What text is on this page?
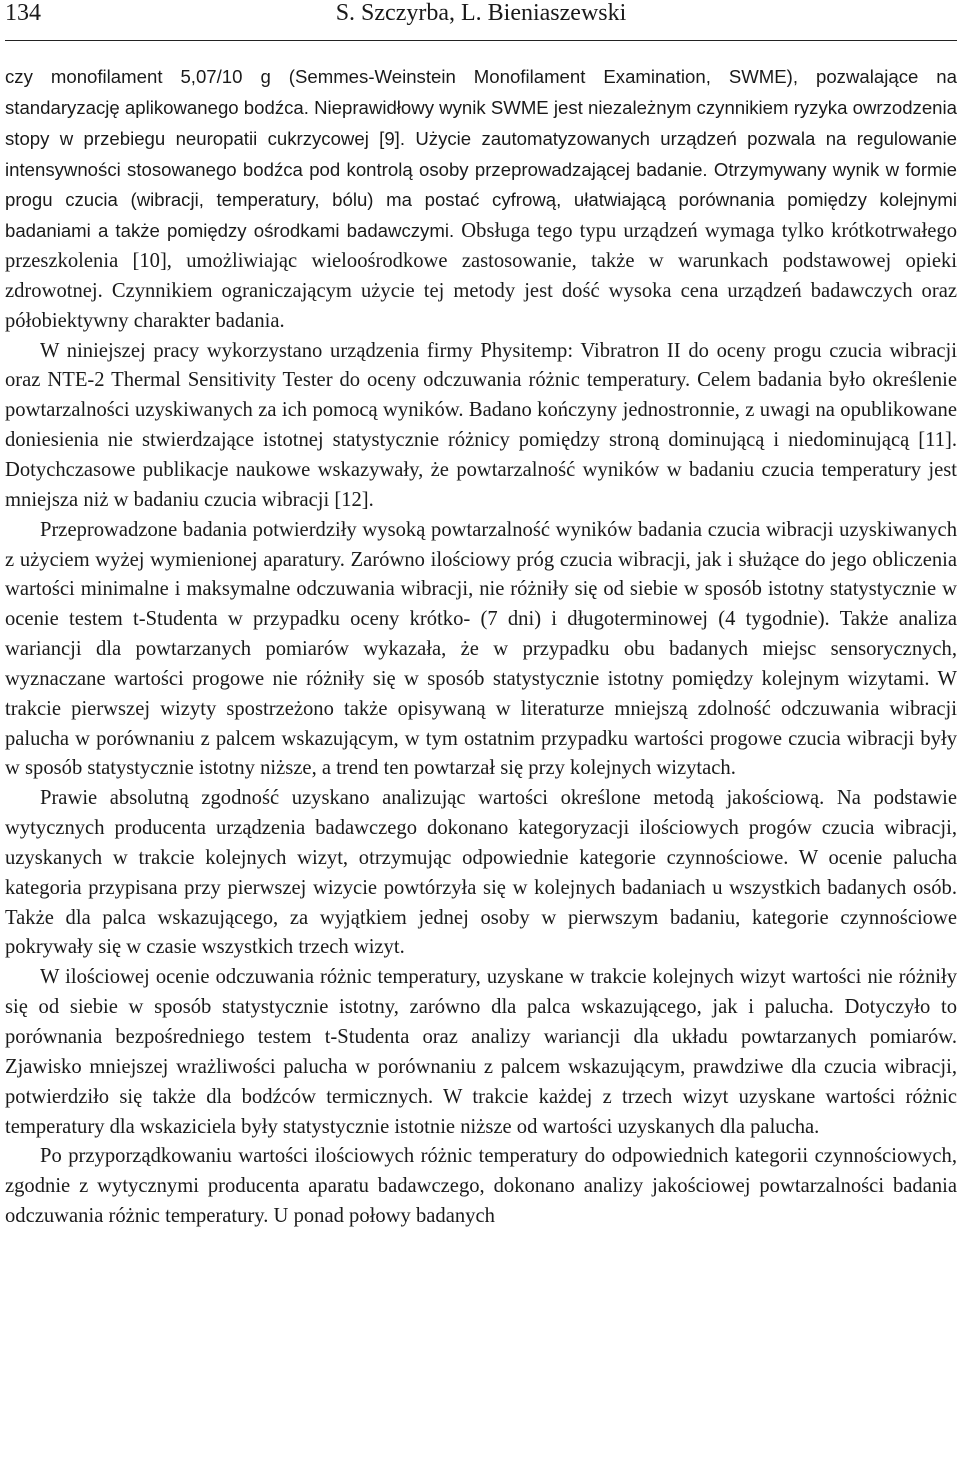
134	S. Szczyrba, L. Bieniaszewski

czy monofilament 5,07/10 g (Semmes-Weinstein Monofilament Examination, SWME), pozwalające na standaryzację aplikowanego bodźca. Nieprawidłowy wynik SWME jest niezależnym czynnikiem ryzyka owrzodzenia stopy w przebiegu neuropatii cukrzycowej [9]. Użycie zautomatyzowanych urządzeń pozwala na regulowanie intensywności stosowanego bodźca pod kontrolą osoby przeprowadzającej badanie. Otrzymywany wynik w formie progu czucia (wibracji, temperatury, bólu) ma postać cyfrową, ułatwiającą porównania pomiędzy kolejnymi badaniami a także pomiędzy ośrodkami badawczymi. Obsługa tego typu urządzeń wymaga tylko krótkotrwałego przeszkolenia [10], umożliwiając wieloośrodkowe zastosowanie, także w warunkach podstawowej opieki zdrowotnej. Czynnikiem ograniczającym użycie tej metody jest dość wysoka cena urządzeń badawczych oraz półobiektywny charakter badania.

W niniejszej pracy wykorzystano urządzenia firmy Physitemp: Vibratron II do oceny progu czucia wibracji oraz NTE-2 Thermal Sensitivity Tester do oceny odczuwania różnic temperatury. Celem badania było określenie powtarzalności uzyskiwanych za ich pomocą wyników. Badano kończyny jednostronnie, z uwagi na opublikowane doniesienia nie stwierdzające istotnej statystycznie różnicy pomiędzy stroną dominującą i niedominującą [11]. Dotychczasowe publikacje naukowe wskazywały, że powtarzalność wyników w badaniu czucia temperatury jest mniejsza niż w badaniu czucia wibracji [12].

Przeprowadzone badania potwierdziły wysoką powtarzalność wyników badania czucia wibracji uzyskiwanych z użyciem wyżej wymienionej aparatury. Zarówno ilościowy próg czucia wibracji, jak i służące do jego obliczenia wartości minimalne i maksymalne odczuwania wibracji, nie różniły się od siebie w sposób istotny statystycznie w ocenie testem t-Studenta w przypadku oceny krótko- (7 dni) i długoterminowej (4 tygodnie). Także analiza wariancji dla powtarzanych pomiarów wykazała, że w przypadku obu badanych miejsc sensorycznych, wyznaczane wartości progowe nie różniły się w sposób statystycznie istotny pomiędzy kolejnym wizytami. W trakcie pierwszej wizyty spostrzeżono także opisywaną w literaturze mniejszą zdolność odczuwania wibracji palucha w porównaniu z palcem wskazującym, w tym ostatnim przypadku wartości progowe czucia wibracji były w sposób statystycznie istotny niższe, a trend ten powtarzał się przy kolejnych wizytach.

Prawie absolutną zgodność uzyskano analizując wartości określone metodą jakościową. Na podstawie wytycznych producenta urządzenia badawczego dokonano kategoryzacji ilościowych progów czucia wibracji, uzyskanych w trakcie kolejnych wizyt, otrzymując odpowiednie kategorie czynnościowe. W ocenie palucha kategoria przypisana przy pierwszej wizycie powtórzyła się w kolejnych badaniach u wszystkich badanych osób. Także dla palca wskazującego, za wyjątkiem jednej osoby w pierwszym badaniu, kategorie czynnościowe pokrywały się w czasie wszystkich trzech wizyt.

W ilościowej ocenie odczuwania różnic temperatury, uzyskane w trakcie kolejnych wizyt wartości nie różniły się od siebie w sposób statystycznie istotny, zarówno dla palca wskazującego, jak i palucha. Dotyczyło to porównania bezpośredniego testem t-Studenta oraz analizy wariancji dla układu powtarzanych pomiarów. Zjawisko mniejszej wrażliwości palucha w porównaniu z palcem wskazującym, prawdziwe dla czucia wibracji, potwierdziło się także dla bodźców termicznych. W trakcie każdej z trzech wizyt uzyskane wartości różnic temperatury dla wskaziciela były statystycznie istotnie niższe od wartości uzyskanych dla palucha.

Po przyporządkowaniu wartości ilościowych różnic temperatury do odpowiednich kategorii czynnościowych, zgodnie z wytycznymi producenta aparatu badawczego, dokonano analizy jakościowej powtarzalności badania odczuwania różnic temperatury. U ponad połowy badanych
